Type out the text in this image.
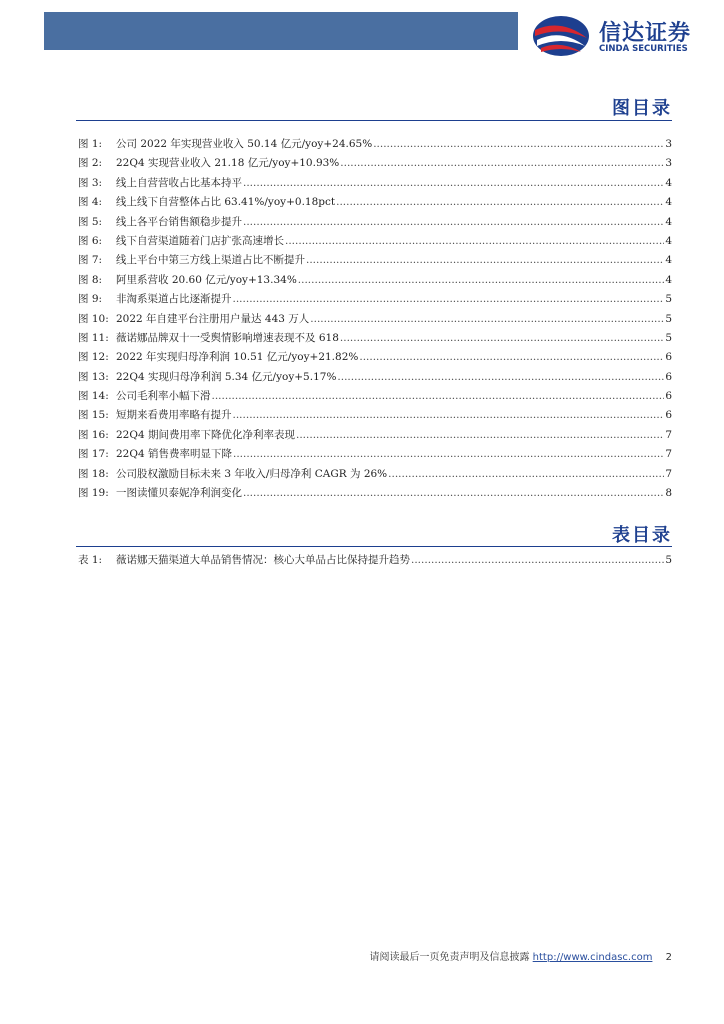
信达证券
CINDA SECURITIES
图目录
图 1:	公司 2022 年实现营业收入 50.14 亿元/yoy+24.65% .....	3
图 2:	22Q4 实现营业收入 21.18 亿元/yoy+10.93% .....	3
图 3:	线上自营营收占比基本持平 .....	4
图 4:	线上线下自营整体占比 63.41%/yoy+0.18pct .....	4
图 5:	线上各平台销售额稳步提升 .....	4
图 6:	线下自营渠道随着门店扩张高速增长 .....	4
图 7:	线上平台中第三方线上渠道占比不断提升 .....	4
图 8:	阿里系营收 20.60 亿元/yoy+13.34% .....	4
图 9:	非淘系渠道占比逐渐提升 .....	5
图 10: 2022 年自建平台注册用户量达 443 万人 .....	5
图 11: 薇诺娜品牌双十一受舆情影响增速表现不及 618 .....	5
图 12: 2022 年实现归母净利润 10.51 亿元/yoy+21.82% .....	6
图 13: 22Q4 实现归母净利润 5.34 亿元/yoy+5.17% .....	6
图 14: 公司毛利率小幅下滑 .....	6
图 15: 短期来看费用率略有提升 .....	6
图 16: 22Q4 期间费用率下降优化净利率表现 .....	7
图 17: 22Q4 销售费率明显下降 .....	7
图 18: 公司股权激励目标未来 3 年收入/归母净利 CAGR 为 26% .....	7
图 19: 一图读懂贝泰妮净利润变化 .....	8
表目录
表 1:	薇诺娜天猫渠道大单品销售情况：核心大单品占比保持提升趋势 .....	5
请阅读最后一页免责声明及信息披露 http://www.cindasc.com 2
